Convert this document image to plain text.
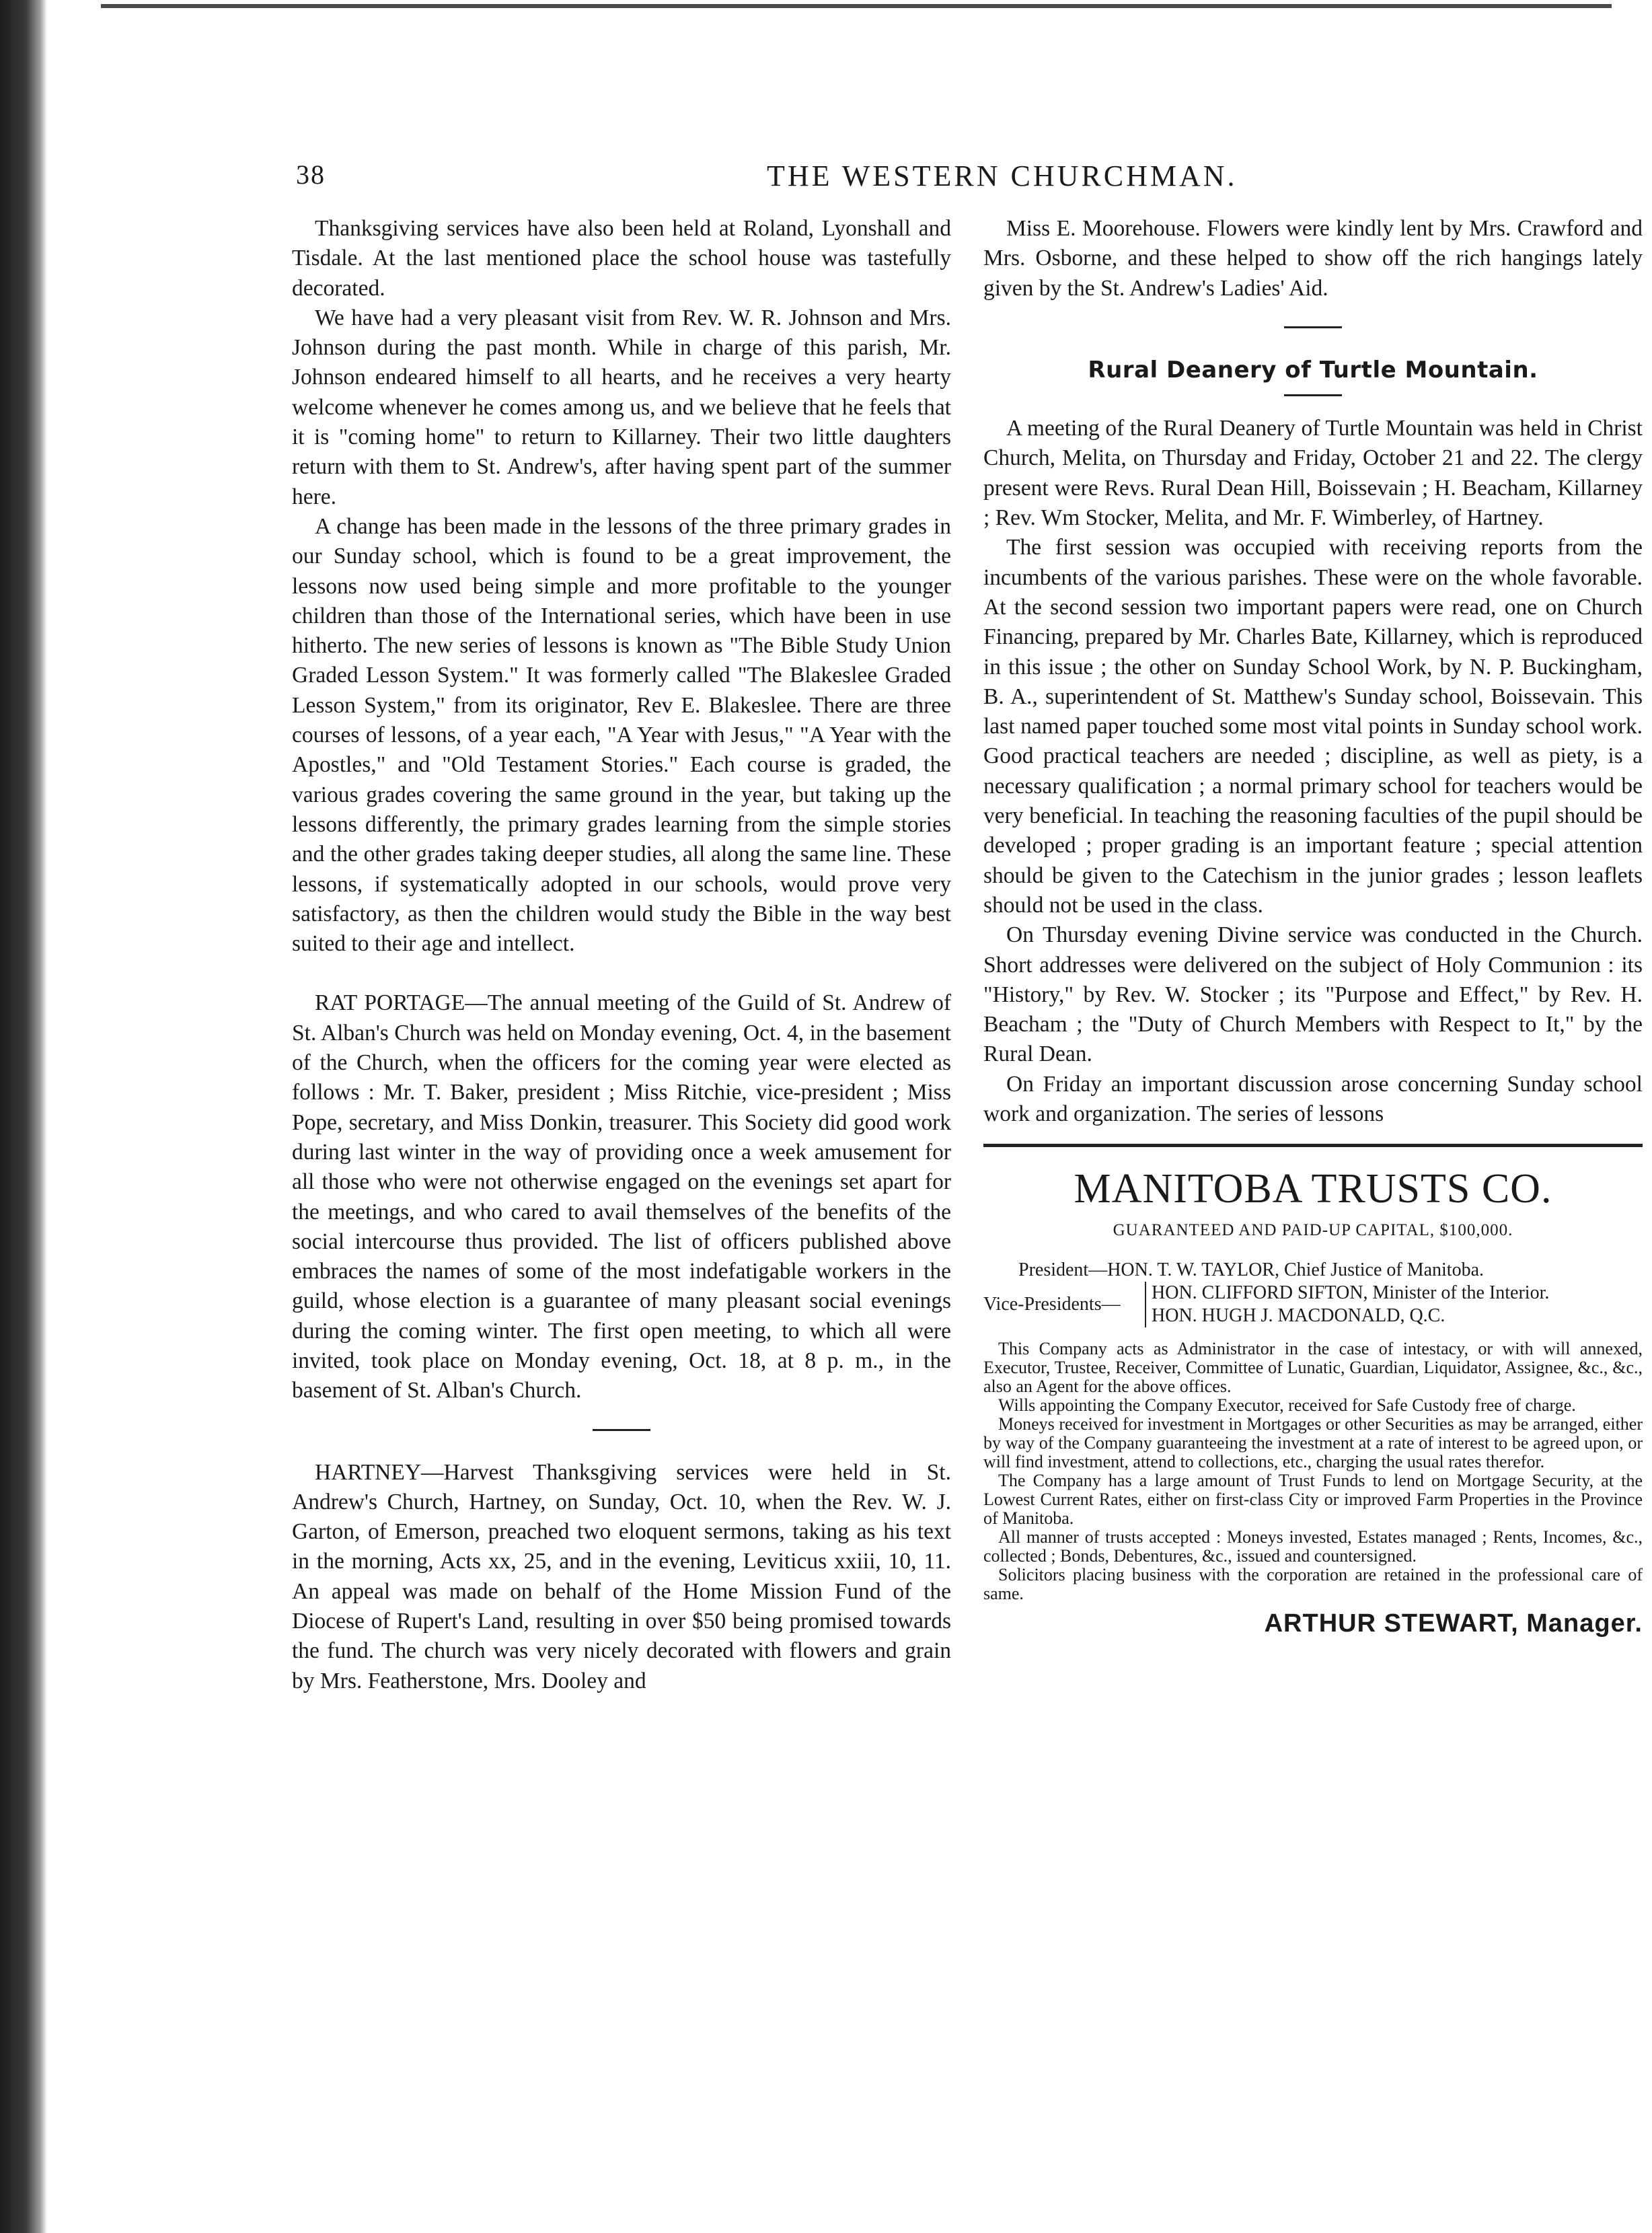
38	THE WESTERN CHURCHMAN.

Thanksgiving services have also been held at Roland, Lyonshall and Tisdale. At the last mentioned place the school house was tastefully decorated.

We have had a very pleasant visit from Rev. W. R. Johnson and Mrs. Johnson during the past month. While in charge of this parish, Mr. Johnson endeared himself to all hearts, and he receives a very hearty welcome whenever he comes among us, and we believe that he feels that it is "coming home" to return to Killarney. Their two little daughters return with them to St. Andrew's, after having spent part of the summer here.

A change has been made in the lessons of the three primary grades in our Sunday school, which is found to be a great improvement, the lessons now used being simple and more profitable to the younger children than those of the International series, which have been in use hitherto. The new series of lessons is known as "The Bible Study Union Graded Lesson System." It was formerly called "The Blakeslee Graded Lesson System," from its originator, Rev E. Blakeslee. There are three courses of lessons, of a year each, "A Year with Jesus," "A Year with the Apostles," and "Old Testament Stories." Each course is graded, the various grades covering the same ground in the year, but taking up the lessons differently, the primary grades learning from the simple stories and the other grades taking deeper studies, all along the same line. These lessons, if systematically adopted in our schools, would prove very satisfactory, as then the children would study the Bible in the way best suited to their age and intellect.

RAT PORTAGE—The annual meeting of the Guild of St. Andrew of St. Alban's Church was held on Monday evening, Oct. 4, in the basement of the Church, when the officers for the coming year were elected as follows : Mr. T. Baker, president ; Miss Ritchie, vice-president ; Miss Pope, secretary, and Miss Donkin, treasurer. This Society did good work during last winter in the way of providing once a week amusement for all those who were not otherwise engaged on the evenings set apart for the meetings, and who cared to avail themselves of the benefits of the social intercourse thus provided. The list of officers published above embraces the names of some of the most indefatigable workers in the guild, whose election is a guarantee of many pleasant social evenings during the coming winter. The first open meeting, to which all were invited, took place on Monday evening, Oct. 18, at 8 p. m., in the basement of St. Alban's Church.

HARTNEY—Harvest Thanksgiving services were held in St. Andrew's Church, Hartney, on Sunday, Oct. 10, when the Rev. W. J. Garton, of Emerson, preached two eloquent sermons, taking as his text in the morning, Acts xx, 25, and in the evening, Leviticus xxiii, 10, 11. An appeal was made on behalf of the Home Mission Fund of the Diocese of Rupert's Land, resulting in over $50 being promised towards the fund. The church was very nicely decorated with flowers and grain by Mrs. Featherstone, Mrs. Dooley and

Miss E. Moorehouse. Flowers were kindly lent by Mrs. Crawford and Mrs. Osborne, and these helped to show off the rich hangings lately given by the St. Andrew's Ladies' Aid.

Rural Deanery of Turtle Mountain.

A meeting of the Rural Deanery of Turtle Mountain was held in Christ Church, Melita, on Thursday and Friday, October 21 and 22. The clergy present were Revs. Rural Dean Hill, Boissevain ; H. Beacham, Killarney ; Rev. Wm Stocker, Melita, and Mr. F. Wimberley, of Hartney.

The first session was occupied with receiving reports from the incumbents of the various parishes. These were on the whole favorable. At the second session two important papers were read, one on Church Financing, prepared by Mr. Charles Bate, Killarney, which is reproduced in this issue ; the other on Sunday School Work, by N. P. Buckingham, B. A., superintendent of St. Matthew's Sunday school, Boissevain. This last named paper touched some most vital points in Sunday school work. Good practical teachers are needed ; discipline, as well as piety, is a necessary qualification ; a normal primary school for teachers would be very beneficial. In teaching the reasoning faculties of the pupil should be developed ; proper grading is an important feature ; special attention should be given to the Catechism in the junior grades ; lesson leaflets should not be used in the class.

On Thursday evening Divine service was conducted in the Church. Short addresses were delivered on the subject of Holy Communion : its "History," by Rev. W. Stocker ; its "Purpose and Effect," by Rev. H. Beacham ; the "Duty of Church Members with Respect to It," by the Rural Dean.

On Friday an important discussion arose concerning Sunday school work and organization. The series of lessons

MANITOBA TRUSTS CO.
GUARANTEED AND PAID-UP CAPITAL, $100,000.
President—HON. T. W. TAYLOR, Chief Justice of Manitoba.
Vice-Presidents—
HON. CLIFFORD SIFTON, Minister of the Interior.
HON. HUGH J. MACDONALD, Q.C.

This Company acts as Administrator in the case of intestacy, or with will annexed, Executor, Trustee, Receiver, Committee of Lunatic, Guardian, Liquidator, Assignee, &c., &c., also an Agent for the above offices.

Wills appointing the Company Executor, received for Safe Custody free of charge.

Moneys received for investment in Mortgages or other Securities as may be arranged, either by way of the Company guaranteeing the investment at a rate of interest to be agreed upon, or will find investment, attend to collections, etc., charging the usual rates therefor.

The Company has a large amount of Trust Funds to lend on Mortgage Security, at the Lowest Current Rates, either on first-class City or improved Farm Properties in the Province of Manitoba.

All manner of trusts accepted : Moneys invested, Estates managed ; Rents, Incomes, &c., collected ; Bonds, Debentures, &c., issued and countersigned.

Solicitors placing business with the corporation are retained in the professional care of same.

ARTHUR STEWART, Manager.
